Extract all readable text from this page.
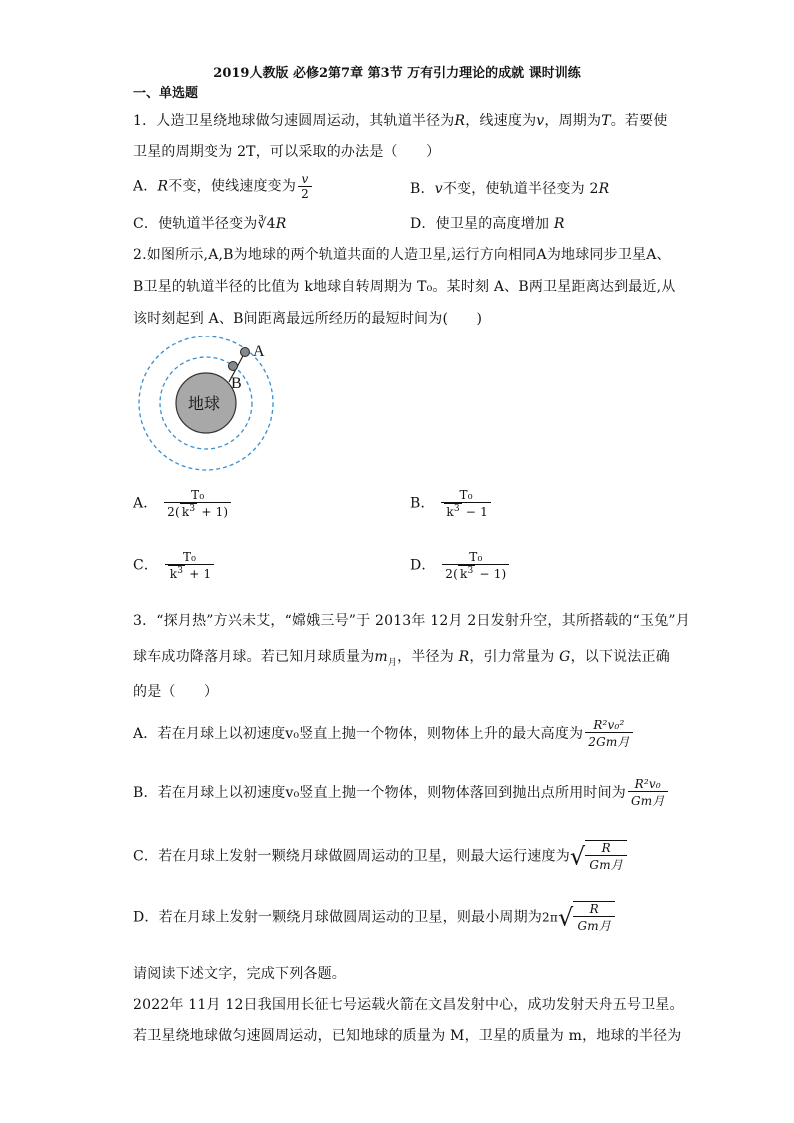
2019人教版 必修2第7章 第3节 万有引力理论的成就 课时训练
一、单选题
1．人造卫星绕地球做匀速圆周运动，其轨道半径为R，线速度为v，周期为T。若要使
卫星的周期变为 2T，可以采取的办法是（　　）
A．R不变，使线速度变为 $\frac{v}{2}$	B．v不变，使轨道半径变为 2R
C．使轨道半径变为∛4R	D．使卫星的高度增加 R
2.如图所示,A,B为地球的两个轨道共面的人造卫星,运行方向相同A为地球同步卫星A、
B卫星的轨道半径的比值为 k地球自转周期为 T₀。某时刻 A、B两卫星距离达到最近,从
该时刻起到 A、B间距离最远所经历的最短时间为(　　)
地球
A
B
A． $\frac{\text{T₀}}{2( k^3 + 1)}$	B． $\frac{\text{T₀}}{k^3 - 1}$
C． $\frac{\text{T₀}}{k^3 + 1}$	D． $\frac{\text{T₀}}{2( k^3 - 1)}$
3．“探月热”方兴未艾，“嫦娥三号”于 2013年 12月 2日发射升空，其所搭载的“玉兔”月
球车成功降落月球。若已知月球质量为$m_月$，半径为 R，引力常量为 G，以下说法正确
的是（　　）
A．若在月球上以初速度v₀竖直上抛一个物体，则物体上升的最大高度为 $\frac{\text{R²v₀²}}{\text{2Gm月}}$
B．若在月球上以初速度v₀竖直上抛一个物体，则物体落回到抛出点所用时间为 $\frac{\text{R²v₀}}{\text{Gm月}}$
C．若在月球上发射一颗绕月球做圆周运动的卫星，则最大运行速度为√	R
Gm月
D．若在月球上发射一颗绕月球做圆周运动的卫星，则最小周期为2π√	R
Gm月
请阅读下述文字，完成下列各题。
2022年 11月 12日我国用长征七号运载火箭在文昌发射中心，成功发射天舟五号卫星。
若卫星绕地球做匀速圆周运动，已知地球的质量为 M，卫星的质量为 m，地球的半径为
